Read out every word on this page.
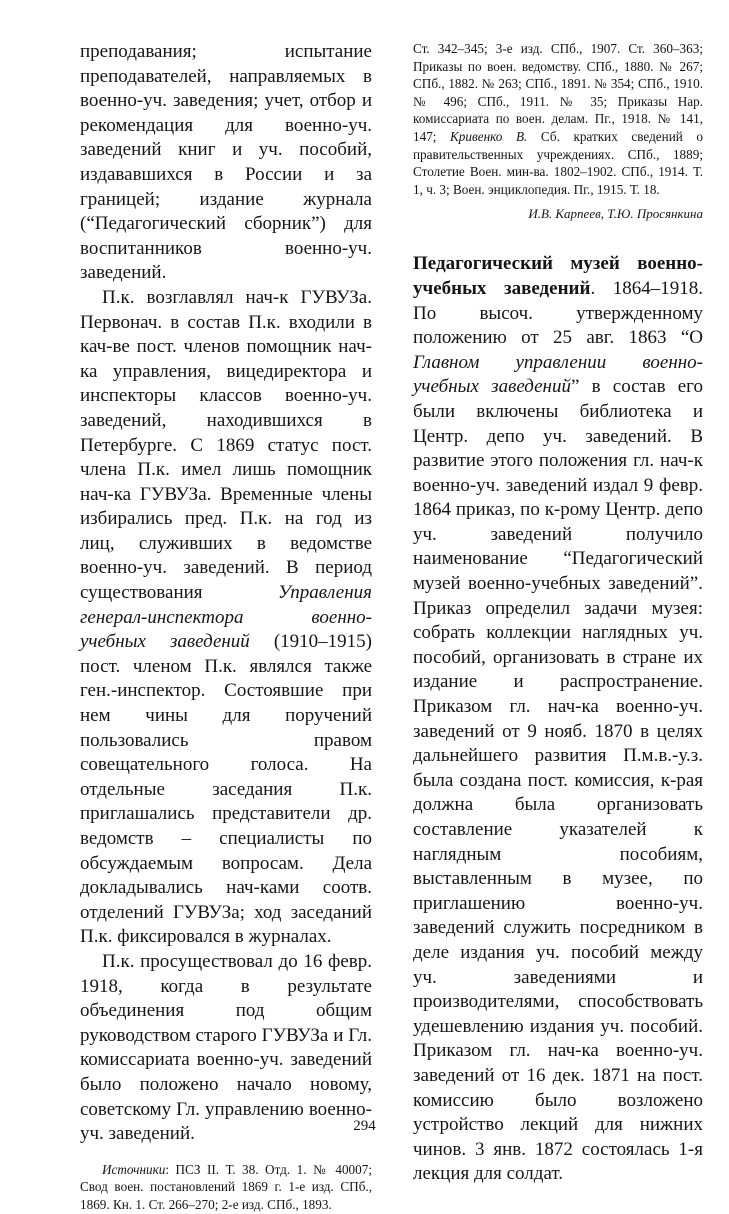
преподавания; испытание преподавателей, направляемых в военно-уч. заведения; учет, отбор и рекомендация для военно-уч. заведений книг и уч. пособий, издававшихся в России и за границей; издание журнала (“Педагогический сборник”) для воспитанников военно-уч. заведений.

П.к. возглавлял нач-к ГУВУЗа. Первонач. в состав П.к. входили в кач-ве пост. членов помощник нач-ка управления, вицедиректора и инспекторы классов военно-уч. заведений, находившихся в Петербурге. С 1869 статус пост. члена П.к. имел лишь помощник нач-ка ГУВУЗа. Временные члены избирались пред. П.к. на год из лиц, служивших в ведомстве военно-уч. заведений. В период существования Управления генерал-инспектора военно-учебных заведений (1910–1915) пост. членом П.к. являлся также ген.-инспектор. Состоявшие при нем чины для поручений пользовались правом совещательного голоса. На отдельные заседания П.к. приглашались представители др. ведомств – специалисты по обсуждаемым вопросам. Дела докладывались нач-ками соотв. отделений ГУВУЗа; ход заседаний П.к. фиксировался в журналах.

П.к. просуществовал до 16 февр. 1918, когда в результате объединения под общим руководством старого ГУВУЗа и Гл. комиссариата военно-уч. заведений было положено начало новому, советскому Гл. управлению военно-уч. заведений.

Источники: ПСЗ II. Т. 38. Отд. 1. № 40007; Свод воен. постановлений 1869 г. 1-е изд. СПб., 1869. Кн. 1. Ст. 266–270; 2-е изд. СПб., 1893.

Ст. 342–345; 3-е изд. СПб., 1907. Ст. 360–363; Приказы по воен. ведомству. СПб., 1880. № 267; СПб., 1882. № 263; СПб., 1891. № 354; СПб., 1910. № 496; СПб., 1911. № 35; Приказы Нар. комиссариата по воен. делам. Пг., 1918. № 141, 147; Кривенко В. Сб. кратких сведений о правительственных учреждениях. СПб., 1889; Столетие Воен. мин-ва. 1802–1902. СПб., 1914. Т. 1, ч. 3; Воен. энциклопедия. Пг., 1915. Т. 18.

И.В. Карпеев, Т.Ю. Просянкина

Педагогический музей военно-учебных заведений. 1864–1918. По высоч. утвержденному положению от 25 авг. 1863 “О Главном управлении военно-учебных заведений” в состав его были включены библиотека и Центр. депо уч. заведений. В развитие этого положения гл. нач-к военно-уч. заведений издал 9 февр. 1864 приказ, по к-рому Центр. депо уч. заведений получило наименование “Педагогический музей военно-учебных заведений”. Приказ определил задачи музея: собрать коллекции наглядных уч. пособий, организовать в стране их издание и распространение. Приказом гл. нач-ка военно-уч. заведений от 9 нояб. 1870 в целях дальнейшего развития П.м.в.-у.з. была создана пост. комиссия, к-рая должна была организовать составление указателей к наглядным пособиям, выставленным в музее, по приглашению военно-уч. заведений служить посредником в деле издания уч. пособий между уч. заведениями и производителями, способствовать удешевлению издания уч. пособий. Приказом гл. нач-ка военно-уч. заведений от 16 дек. 1871 на пост. комиссию было возложено устройство лекций для нижних чинов. 3 янв. 1872 состоялась 1-я лекция для солдат.

294
